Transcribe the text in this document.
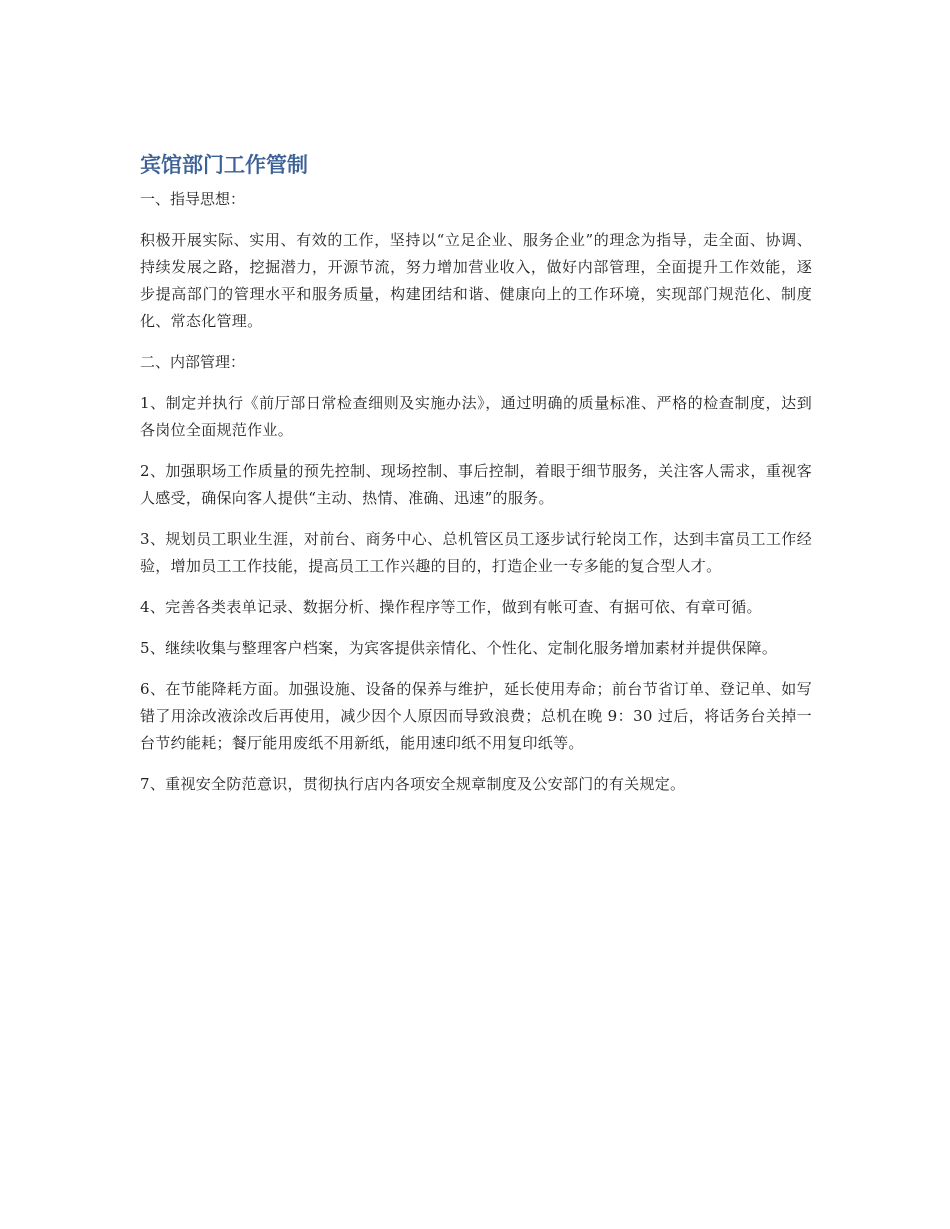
宾馆部门工作管制

一、指导思想：

积极开展实际、实用、有效的工作，坚持以“立足企业、服务企业”的理念为指导，走全面、协调、持续发展之路，挖掘潜力，开源节流，努力增加营业收入，做好内部管理，全面提升工作效能，逐步提高部门的管理水平和服务质量，构建团结和谐、健康向上的工作环境，实现部门规范化、制度化、常态化管理。

二、内部管理：

1、制定并执行《前厅部日常检查细则及实施办法》，通过明确的质量标准、严格的检查制度，达到各岗位全面规范作业。

2、加强职场工作质量的预先控制、现场控制、事后控制，着眼于细节服务，关注客人需求，重视客人感受，确保向客人提供“主动、热情、准确、迅速”的服务。

3、规划员工职业生涯，对前台、商务中心、总机管区员工逐步试行轮岗工作，达到丰富员工工作经验，增加员工工作技能，提高员工工作兴趣的目的，打造企业一专多能的复合型人才。

4、完善各类表单记录、数据分析、操作程序等工作，做到有帐可查、有据可依、有章可循。

5、继续收集与整理客户档案，为宾客提供亲情化、个性化、定制化服务增加素材并提供保障。

6、在节能降耗方面。加强设施、设备的保养与维护，延长使用寿命；前台节省订单、登记单、如写错了用涂改液涂改后再使用，减少因个人原因而导致浪费；总机在晚 9：30 过后，将话务台关掉一台节约能耗；餐厅能用废纸不用新纸，能用速印纸不用复印纸等。

7、重视安全防范意识，贯彻执行店内各项安全规章制度及公安部门的有关规定。
